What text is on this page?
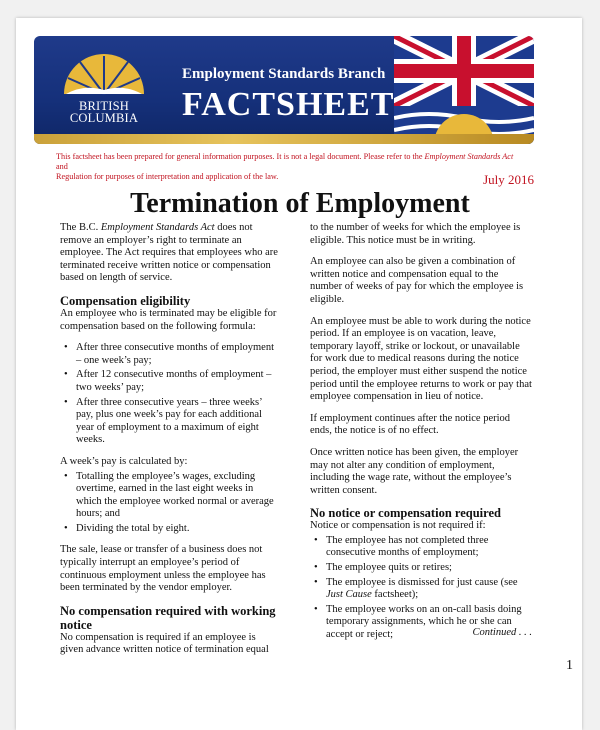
BRITISH
COLUMBIA
Employment Standards Branch
FACTSHEET
This factsheet has been prepared for general information purposes. It is not a legal document. Please refer to the Employment Standards Act and
Regulation for purposes of interpretation and application of the law.	July 2016
Termination of Employment

The B.C. Employment Standards Act does not remove an employer’s right to terminate an employee. The Act requires that employees who are terminated receive written notice or compensation based on length of service.

Compensation eligibility

An employee who is terminated may be eligible for compensation based on the following formula:

• After three consecutive months of employment – one week’s pay;
• After 12 consecutive months of employment – two weeks’ pay;
• After three consecutive years – three weeks’ pay, plus one week’s pay for each additional year of employment to a maximum of eight weeks.

A week’s pay is calculated by:

• Totalling the employee’s wages, excluding overtime, earned in the last eight weeks in which the employee worked normal or average hours; and
• Dividing the total by eight.

The sale, lease or transfer of a business does not typically interrupt an employee’s period of continuous employment unless the employee has been terminated by the vendor employer.

No compensation required with working notice

No compensation is required if an employee is given advance written notice of termination equal

to the number of weeks for which the employee is eligible. This notice must be in writing.

An employee can also be given a combination of written notice and compensation equal to the number of weeks of pay for which the employee is eligible.

An employee must be able to work during the notice period. If an employee is on vacation, leave, temporary layoff, strike or lockout, or unavailable for work due to medical reasons during the notice period, the employer must either suspend the notice period until the employee returns to work or pay that employee compensation in lieu of notice.

If employment continues after the notice period ends, the notice is of no effect.

Once written notice has been given, the employer may not alter any condition of employment, including the wage rate, without the employee’s written consent.

No notice or compensation required

Notice or compensation is not required if:

• The employee has not completed three consecutive months of employment;
• The employee quits or retires;
• The employee is dismissed for just cause (see Just Cause factsheet);
• The employee works on an on-call basis doing temporary assignments, which he or she can accept or reject;	Continued . . .
1
